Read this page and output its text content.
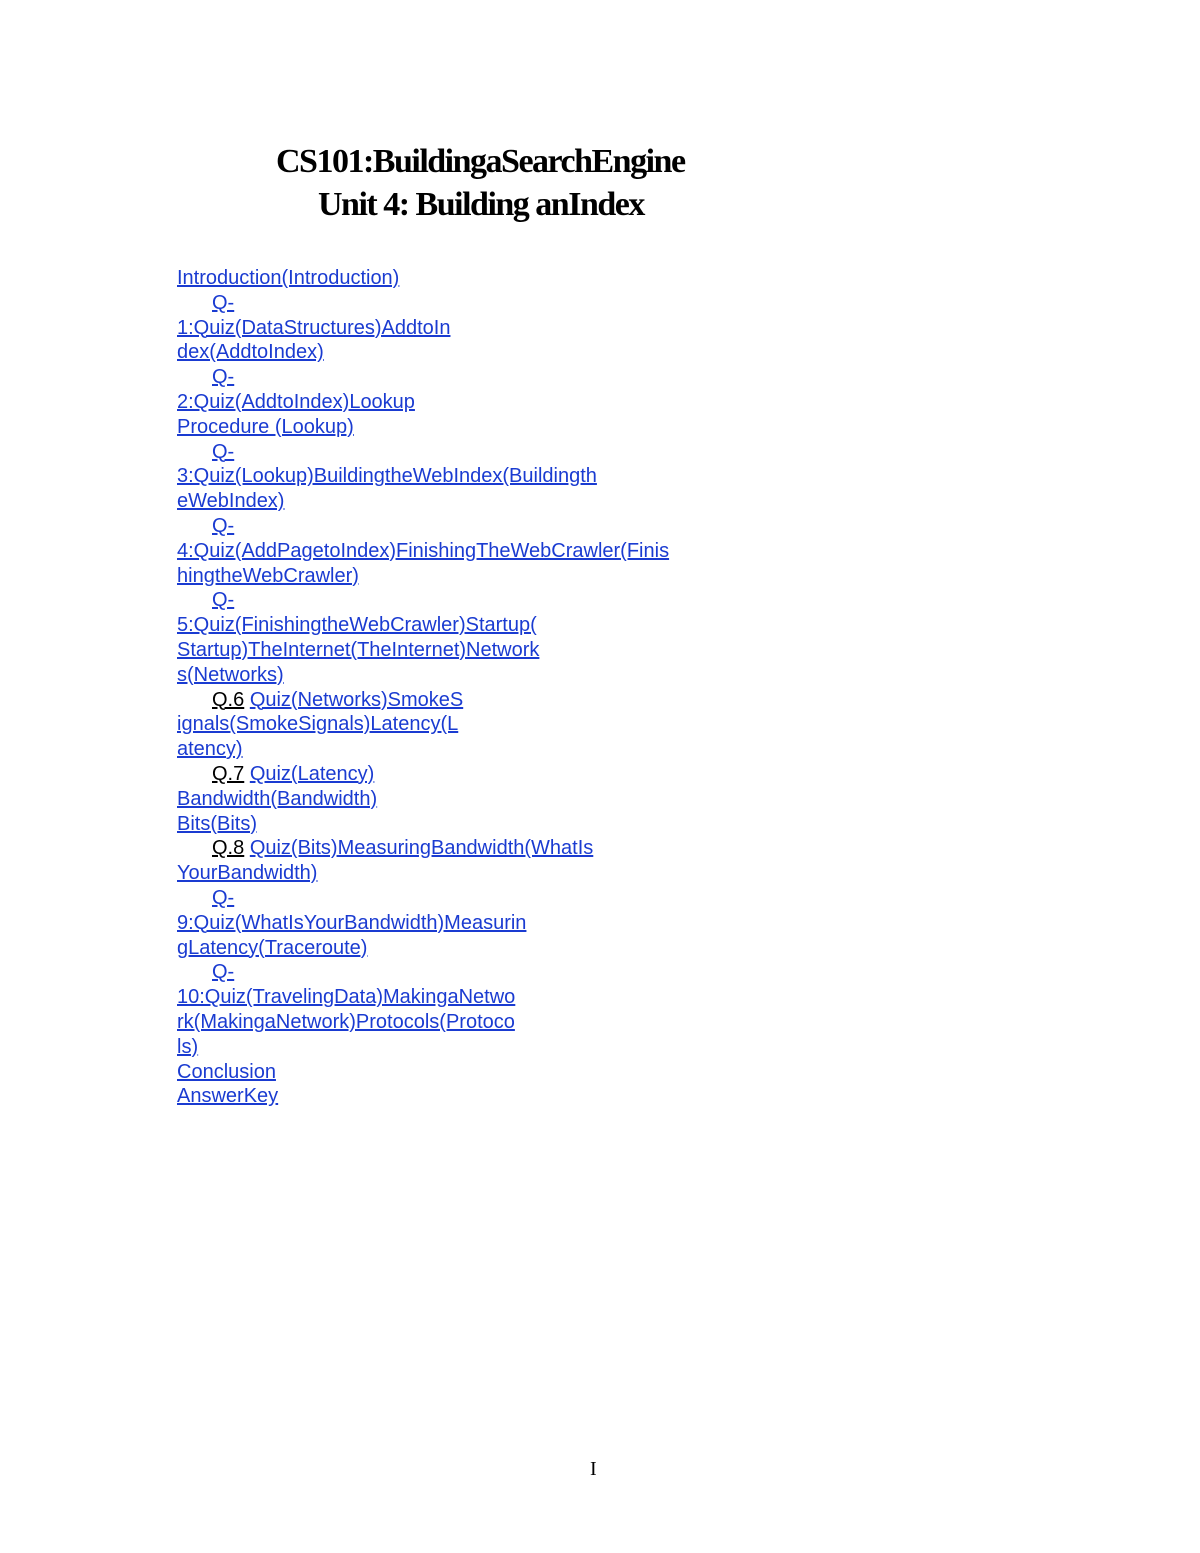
CS101:BuildingaSearchEngine
Unit 4: Building anIndex
Introduction(Introduction)
Q-
1:Quiz(DataStructures)AddtoIn
dex(AddtoIndex)
Q-
2:Quiz(AddtoIndex)Lookup
Procedure (Lookup)
Q-
3:Quiz(Lookup)BuildingtheWebIndex(Buildingth
eWebIndex)
Q-
4:Quiz(AddPagetoIndex)FinishingTheWebCrawler(Finis
hingtheWebCrawler)
Q-
5:Quiz(FinishingtheWebCrawler)Startup(
Startup)TheInternet(TheInternet)Network
s(Networks)
Q.6 Quiz(Networks)SmokeS
ignals(SmokeSignals)Latency(L
atency)
Q.7 Quiz(Latency)
Bandwidth(Bandwidth)
Bits(Bits)
Q.8 Quiz(Bits)MeasuringBandwidth(WhatIs
YourBandwidth)
Q-
9:Quiz(WhatIsYourBandwidth)Measurin
gLatency(Traceroute)
Q-
10:Quiz(TravelingData)MakingaNetwo
rk(MakingaNetwork)Protocols(Protoco
ls)
Conclusion
AnswerKey
I
